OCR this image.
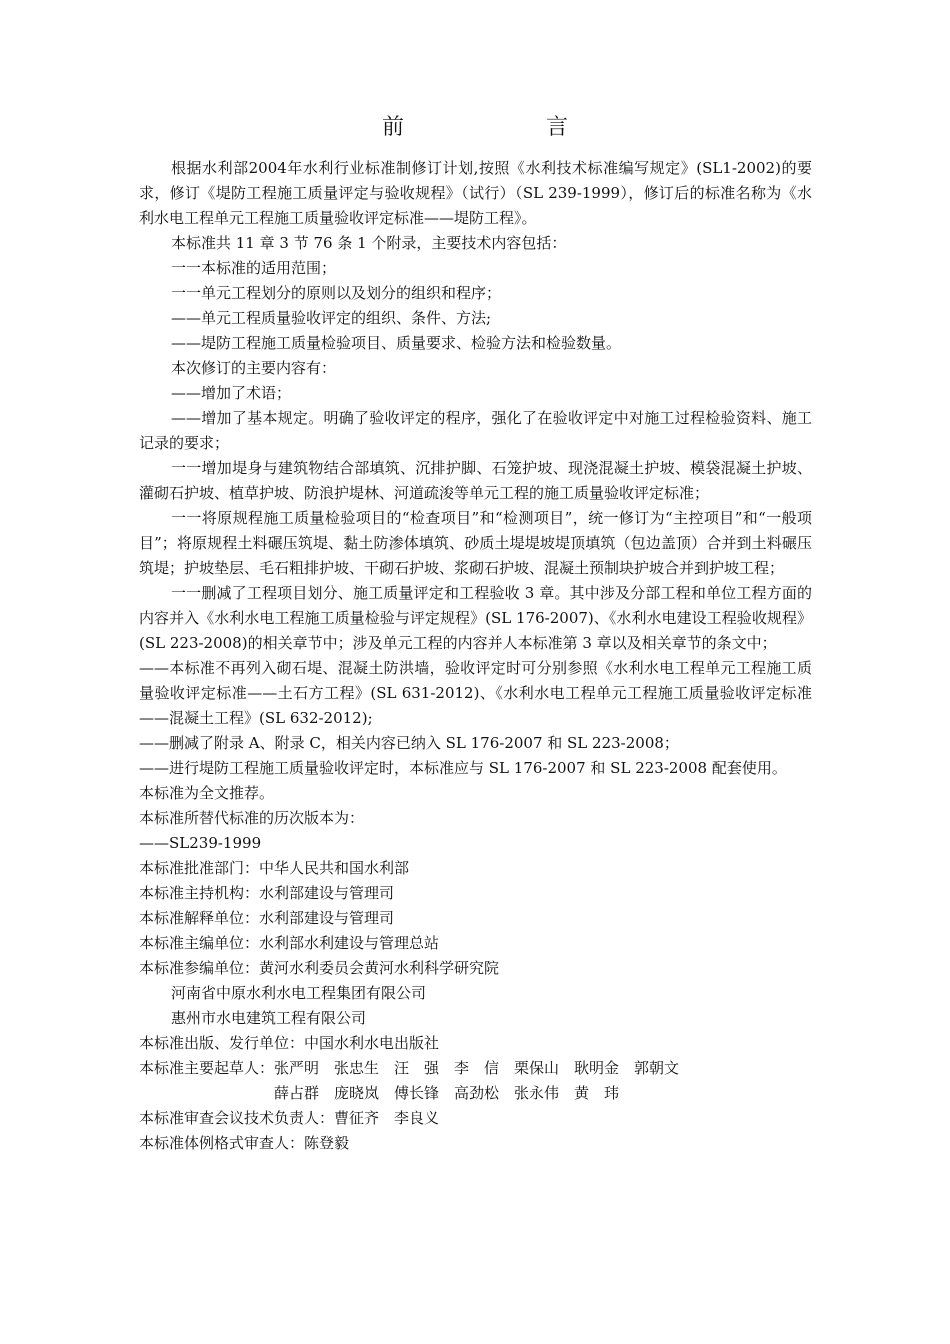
前　言

根据水利部2004年水利行业标准制修订计划,按照《水利技术标准编写规定》(SL1-2002)的要求，修订《堤防工程施工质量评定与验收规程》（试行）（SL 239-1999），修订后的标准名称为《水利水电工程单元工程施工质量验收评定标准——堤防工程》。

本标准共 11 章 3 节 76 条 1 个附录，主要技术内容包括：

一一本标准的适用范围；

一一单元工程划分的原则以及划分的组织和程序；

——单元工程质量验收评定的组织、条件、方法;

——堤防工程施工质量检验项目、质量要求、检验方法和检验数量。

本次修订的主要内容有：

——增加了术语；

——增加了基本规定。明确了验收评定的程序，强化了在验收评定中对施工过程检验资料、施工记录的要求；

一一增加堤身与建筑物结合部填筑、沉排护脚、石笼护坡、现浇混凝土护坡、模袋混凝土护坡、灌砌石护坡、植草护坡、防浪护堤林、河道疏浚等单元工程的施工质量验收评定标准；

一一将原规程施工质量检验项目的“检查项目”和“检测项目”，统一修订为“主控项目”和“一般项目”；将原规程土料碾压筑堤、黏土防渗体填筑、砂质土堤堤坡堤顶填筑（包边盖顶）合并到土料碾压筑堤；护坡垫层、毛石粗排护坡、干砌石护坡、浆砌石护坡、混凝土预制块护坡合并到护坡工程；

一一删减了工程项目划分、施工质量评定和工程验收 3 章。其中涉及分部工程和单位工程方面的内容并入《水利水电工程施工质量检验与评定规程》(SL 176-2007)、《水利水电建设工程验收规程》(SL 223-2008)的相关章节中；涉及单元工程的内容并人本标准第 3 章以及相关章节的条文中；

——本标准不再列入砌石堤、混凝土防洪墙，验收评定时可分别参照《水利水电工程单元工程施工质量验收评定标准——土石方工程》(SL 631-2012)、《水利水电工程单元工程施工质量验收评定标准——混凝土工程》(SL 632-2012);

——删减了附录 A、附录 C，相关内容已纳入 SL 176-2007 和 SL 223-2008；

——进行堤防工程施工质量验收评定时，本标准应与 SL 176-2007 和 SL 223-2008 配套使用。

本标准为全文推荐。

本标准所替代标准的历次版本为：

——SL239-1999

本标准批准部门：中华人民共和国水利部

本标准主持机构：水利部建设与管理司

本标准解释单位：水利部建设与管理司

本标准主编单位：水利部水利建设与管理总站

本标准参编单位：黄河水利委员会黄河水利科学研究院

河南省中原水利水电工程集团有限公司

惠州市水电建筑工程有限公司

本标准出版、发行单位：中国水利水电出版社

本标准主要起草人： 张严明　张忠生　汪　强　李　信　栗保山　耿明金　郭朝文
薛占群　庞晓岚　傅长锋　高劲松　张永伟　黄　玮

本标准审查会议技术负责人：曹征齐　李良义

本标准体例格式审查人：陈登毅
